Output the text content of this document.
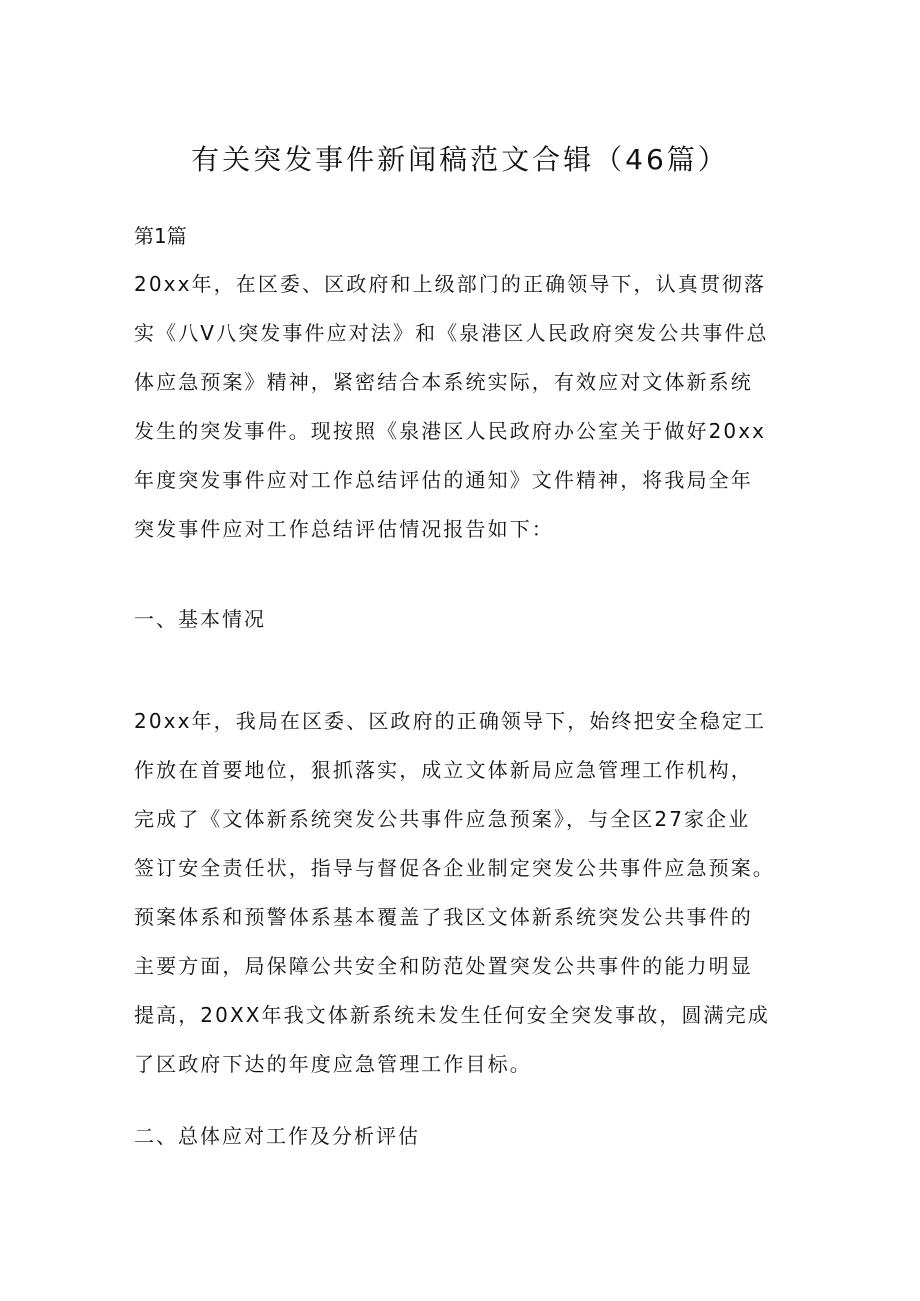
有关突发事件新闻稿范文合辑（46篇）
第1篇
20xx年，在区委、区政府和上级部门的正确领导下，认真贯彻落
实《八V八突发事件应对法》和《泉港区人民政府突发公共事件总
体应急预案》精神，紧密结合本系统实际，有效应对文体新系统
发生的突发事件。现按照《泉港区人民政府办公室关于做好20xx
年度突发事件应对工作总结评估的通知》文件精神，将我局全年
突发事件应对工作总结评估情况报告如下：
一、基本情况
20xx年，我局在区委、区政府的正确领导下，始终把安全稳定工
作放在首要地位，狠抓落实，成立文体新局应急管理工作机构，
完成了《文体新系统突发公共事件应急预案》，与全区27家企业
签订安全责任状，指导与督促各企业制定突发公共事件应急预案。
预案体系和预警体系基本覆盖了我区文体新系统突发公共事件的
主要方面，局保障公共安全和防范处置突发公共事件的能力明显
提高，20XX年我文体新系统未发生任何安全突发事故，圆满完成
了区政府下达的年度应急管理工作目标。
二、总体应对工作及分析评估
